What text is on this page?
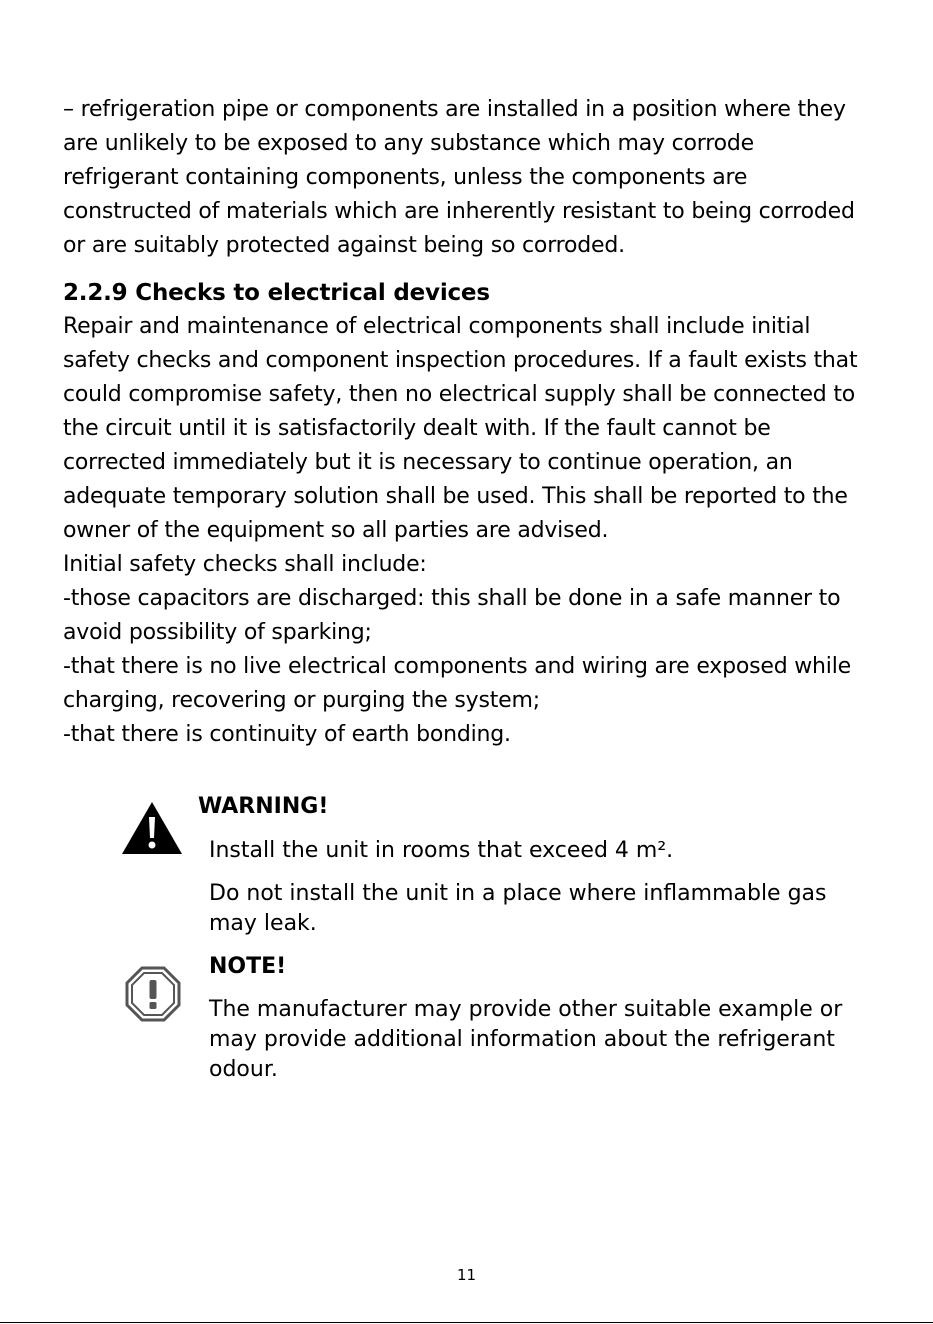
– refrigeration pipe or components are installed in a position where they
are unlikely to be exposed to any substance which may corrode
refrigerant containing components, unless the components are
constructed of materials which are inherently resistant to being corroded
or are suitably protected against being so corroded.
2.2.9 Checks to electrical devices
Repair and maintenance of electrical components shall include initial
safety checks and component inspection procedures. If a fault exists that
could compromise safety, then no electrical supply shall be connected to
the circuit until it is satisfactorily dealt with. If the fault cannot be
corrected immediately but it is necessary to continue operation, an
adequate temporary solution shall be used. This shall be reported to the
owner of the equipment so all parties are advised.
Initial safety checks shall include:
-those capacitors are discharged: this shall be done in a safe manner to
avoid possibility of sparking;
-that there is no live electrical components and wiring are exposed while
charging, recovering or purging the system;
-that there is continuity of earth bonding.
WARNING!
Install the unit in rooms that exceed 4 m².
Do not install the unit in a place where inflammable gas
may leak.
NOTE!
The manufacturer may provide other suitable example or
may provide additional information about the refrigerant
odour.
11
